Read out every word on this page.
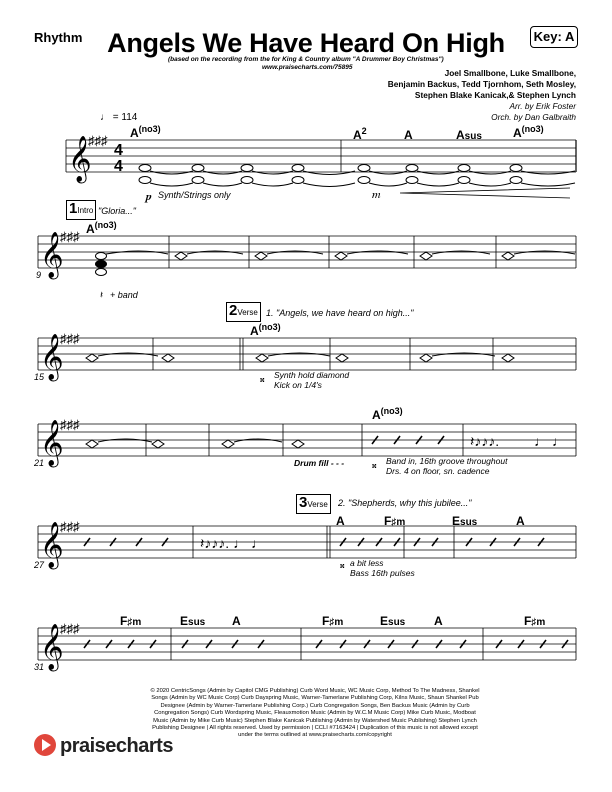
Rhythm Angels We Have Heard On High	Key: A
(based on the recording from the for King & Country album "A Drummer Boy Christmas")
www.praisecharts.com/75895
Joel Smallbone, Luke Smallbone,
Benjamin Backus, Tedd Tjornhom, Seth Mosley,
Stephen Blake Kanicak,& Stephen Lynch
Arr. by Erik Foster
Orch. by Dan Galbraith
♩ = 114
𝄞
𝄞
𝄞
𝄞
𝄞
𝄞
♯♯♯
♯♯♯
♯♯♯
♯♯♯
♯♯♯
♯♯♯
4
4
𝆏	𝆐
𝄽♪♪♪. ♩ ♩
𝄽♪♪♪. ♩ ♩
𝄪
𝄪
𝄪
𝄽
9
15
21
27
31
$A^{(no3)}$	$A^2$	A	Asus	$A^{(no3)}$
Synth/Strings only
1Intro "Gloria..."
$A^{(no3)}$
+ band
2Verse 1. "Angels, we have heard on high..."
$A^{(no3)}$
Synth hold diamond
Kick on 1/4's
$A^{(no3)}$
Drum fill - - -	Band in, 16th groove throughout
Drs. 4 on floor, sn. cadence
3Verse	2. "Shepherds, why this jubilee..."
A	F♯m	Esus	A
a bit less
Bass 16th pulses
F♯m	Esus A	F♯m	Esus A	F♯m
© 2020 CentricSongs (Admin by Capitol CMG Publishing) Curb Word Music, WC Music Corp, Method To The Madness, Shankel Songs (Admin by WC Music Corp) Curb Dayspring Music, Warner-Tamerlane Publishing Corp, Kilns Music, Shaun Shankel Pub Designee (Admin by Warner-Tamerlane Publishing Corp.) Curb Congregation Songs, Ben Backus Music (Admin by Curb Congregation Songs) Curb Wordspring Music, Fleauxmotion Music (Admin by W.C.M Music Corp) Mike Curb Music, Modboat Music (Admin by Mike Curb Music) Stephen Blake Kanicak Publishing (Admin by Watershed Music Publishing) Stephen Lynch Publishing Designee | All rights reserved. Used by permission | CCLI #7163424 | Duplication of this music is not allowed except under the terms outlined at www.praisecharts.com/copyright
praisecharts
